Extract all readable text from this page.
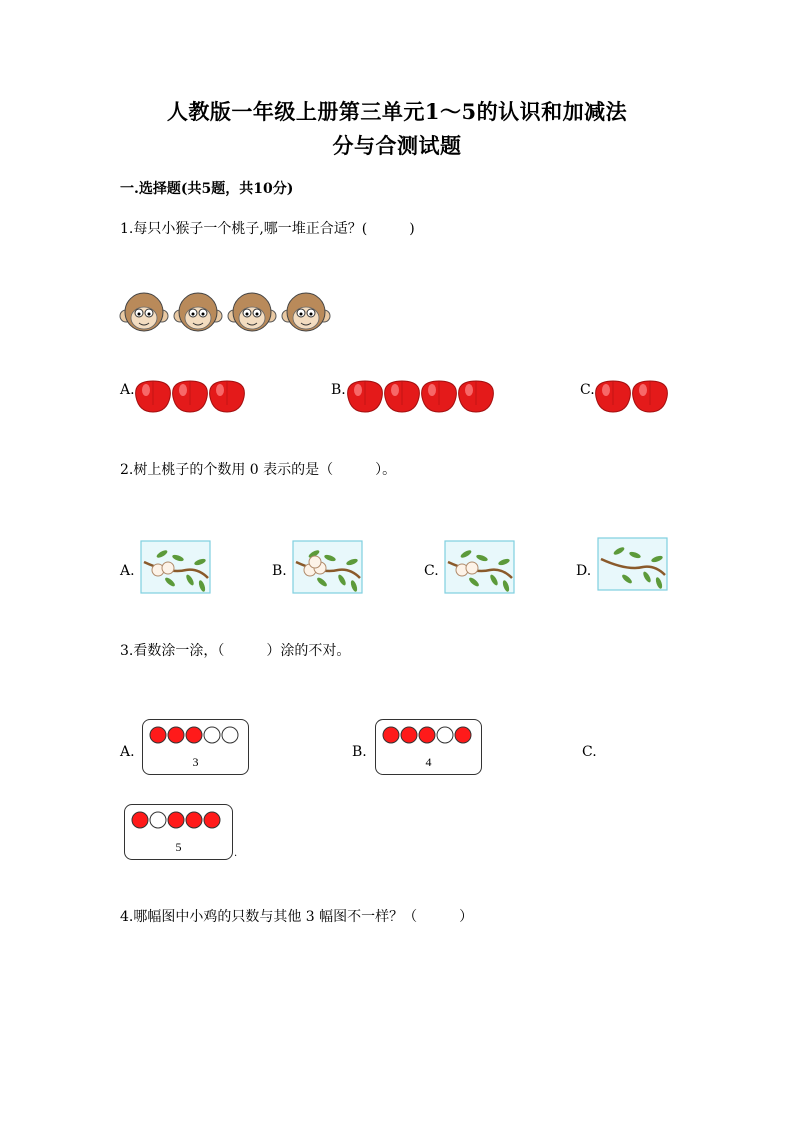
人教版一年级上册第三单元1～5的认识和加减法
分与合测试题
一.选择题(共5题，共10分)
1.每只小猴子一个桃子,哪一堆正合适？(　　　)
A.	B.	C.
2.树上桃子的个数用 0 表示的是（　　　）。
A.	B.	C.	D.
3.看数涂一涂，（　　　）涂的不对。
A.
3
B.
4
C.
5	.
4.哪幅图中小鸡的只数与其他 3 幅图不一样？（　　　）
